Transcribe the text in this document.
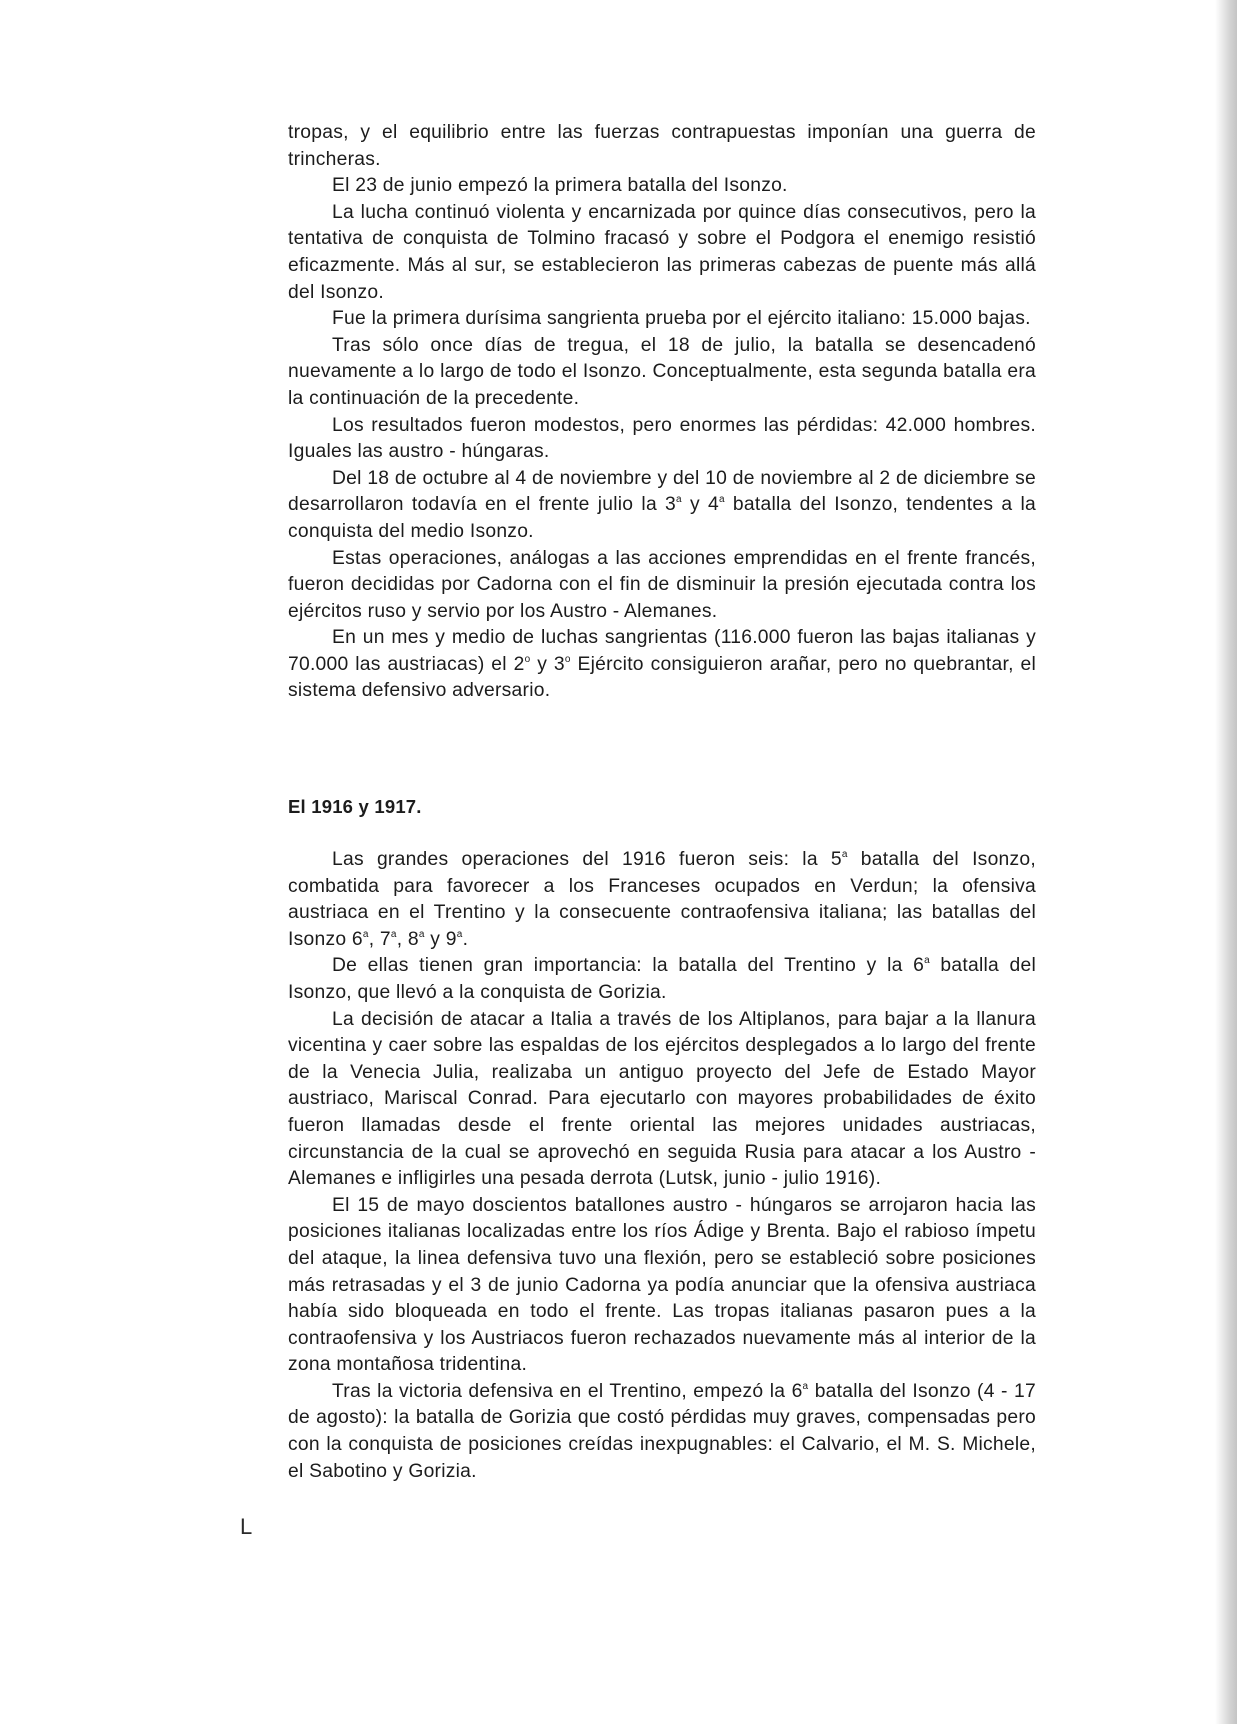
tropas, y el equilibrio entre las fuerzas contrapuestas imponían una guerra de trincheras.

El 23 de junio empezó la primera batalla del Isonzo.

La lucha continuó violenta y encarnizada por quince días consecutivos, pero la tentativa de conquista de Tolmino fracasó y sobre el Podgora el enemigo resistió eficazmente. Más al sur, se establecieron las primeras cabezas de puente más allá del Isonzo.

Fue la primera durísima sangrienta prueba por el ejército italiano: 15.000 bajas.

Tras sólo once días de tregua, el 18 de julio, la batalla se desencadenó nuevamente a lo largo de todo el Isonzo. Conceptualmente, esta segunda batalla era la continuación de la precedente.

Los resultados fueron modestos, pero enormes las pérdidas: 42.000 hombres. Iguales las austro - húngaras.

Del 18 de octubre al 4 de noviembre y del 10 de noviembre al 2 de diciembre se desarrollaron todavía en el frente julio la 3$^a$ y 4$^a$ batalla del Isonzo, tendentes a la conquista del medio Isonzo.

Estas operaciones, análogas a las acciones emprendidas en el frente francés, fueron decididas por Cadorna con el fin de disminuir la presión ejecutada contra los ejércitos ruso y servio por los Austro - Alemanes.

En un mes y medio de luchas sangrientas (116.000 fueron las bajas italianas y 70.000 las austriacas) el 2$^o$ y 3$^o$ Ejército consiguieron arañar, pero no quebrantar, el sistema defensivo adversario.

El 1916 y 1917.

Las grandes operaciones del 1916 fueron seis: la 5$^a$ batalla del Isonzo, combatida para favorecer a los Franceses ocupados en Verdun; la ofensiva austriaca en el Trentino y la consecuente contraofensiva italiana; las batallas del Isonzo 6$^a$, 7$^a$, 8$^a$ y 9$^a$.

De ellas tienen gran importancia: la batalla del Trentino y la 6$^a$ batalla del Isonzo, que llevó a la conquista de Gorizia.

La decisión de atacar a Italia a través de los Altiplanos, para bajar a la llanura vicentina y caer sobre las espaldas de los ejércitos desplegados a lo largo del frente de la Venecia Julia, realizaba un antiguo proyecto del Jefe de Estado Mayor austriaco, Mariscal Conrad. Para ejecutarlo con mayores probabilidades de éxito fueron llamadas desde el frente oriental las mejores unidades austriacas, circunstancia de la cual se aprovechó en seguida Rusia para atacar a los Austro - Alemanes e infligirles una pesada derrota (Lutsk, junio - julio 1916).

El 15 de mayo doscientos batallones austro - húngaros se arrojaron hacia las posiciones italianas localizadas entre los ríos Ádige y Brenta. Bajo el rabioso ímpetu del ataque, la linea defensiva tuvo una flexión, pero se estableció sobre posiciones más retrasadas y el 3 de junio Cadorna ya podía anunciar que la ofensiva austriaca había sido bloqueada en todo el frente. Las tropas italianas pasaron pues a la contraofensiva y los Austriacos fueron rechazados nuevamente más al interior de la zona montañosa tridentina.

Tras la victoria defensiva en el Trentino, empezó la 6$^a$ batalla del Isonzo (4 - 17 de agosto): la batalla de Gorizia que costó pérdidas muy graves, compensadas pero con la conquista de posiciones creídas inexpugnables: el Calvario, el M. S. Michele, el Sabotino y Gorizia.

L
